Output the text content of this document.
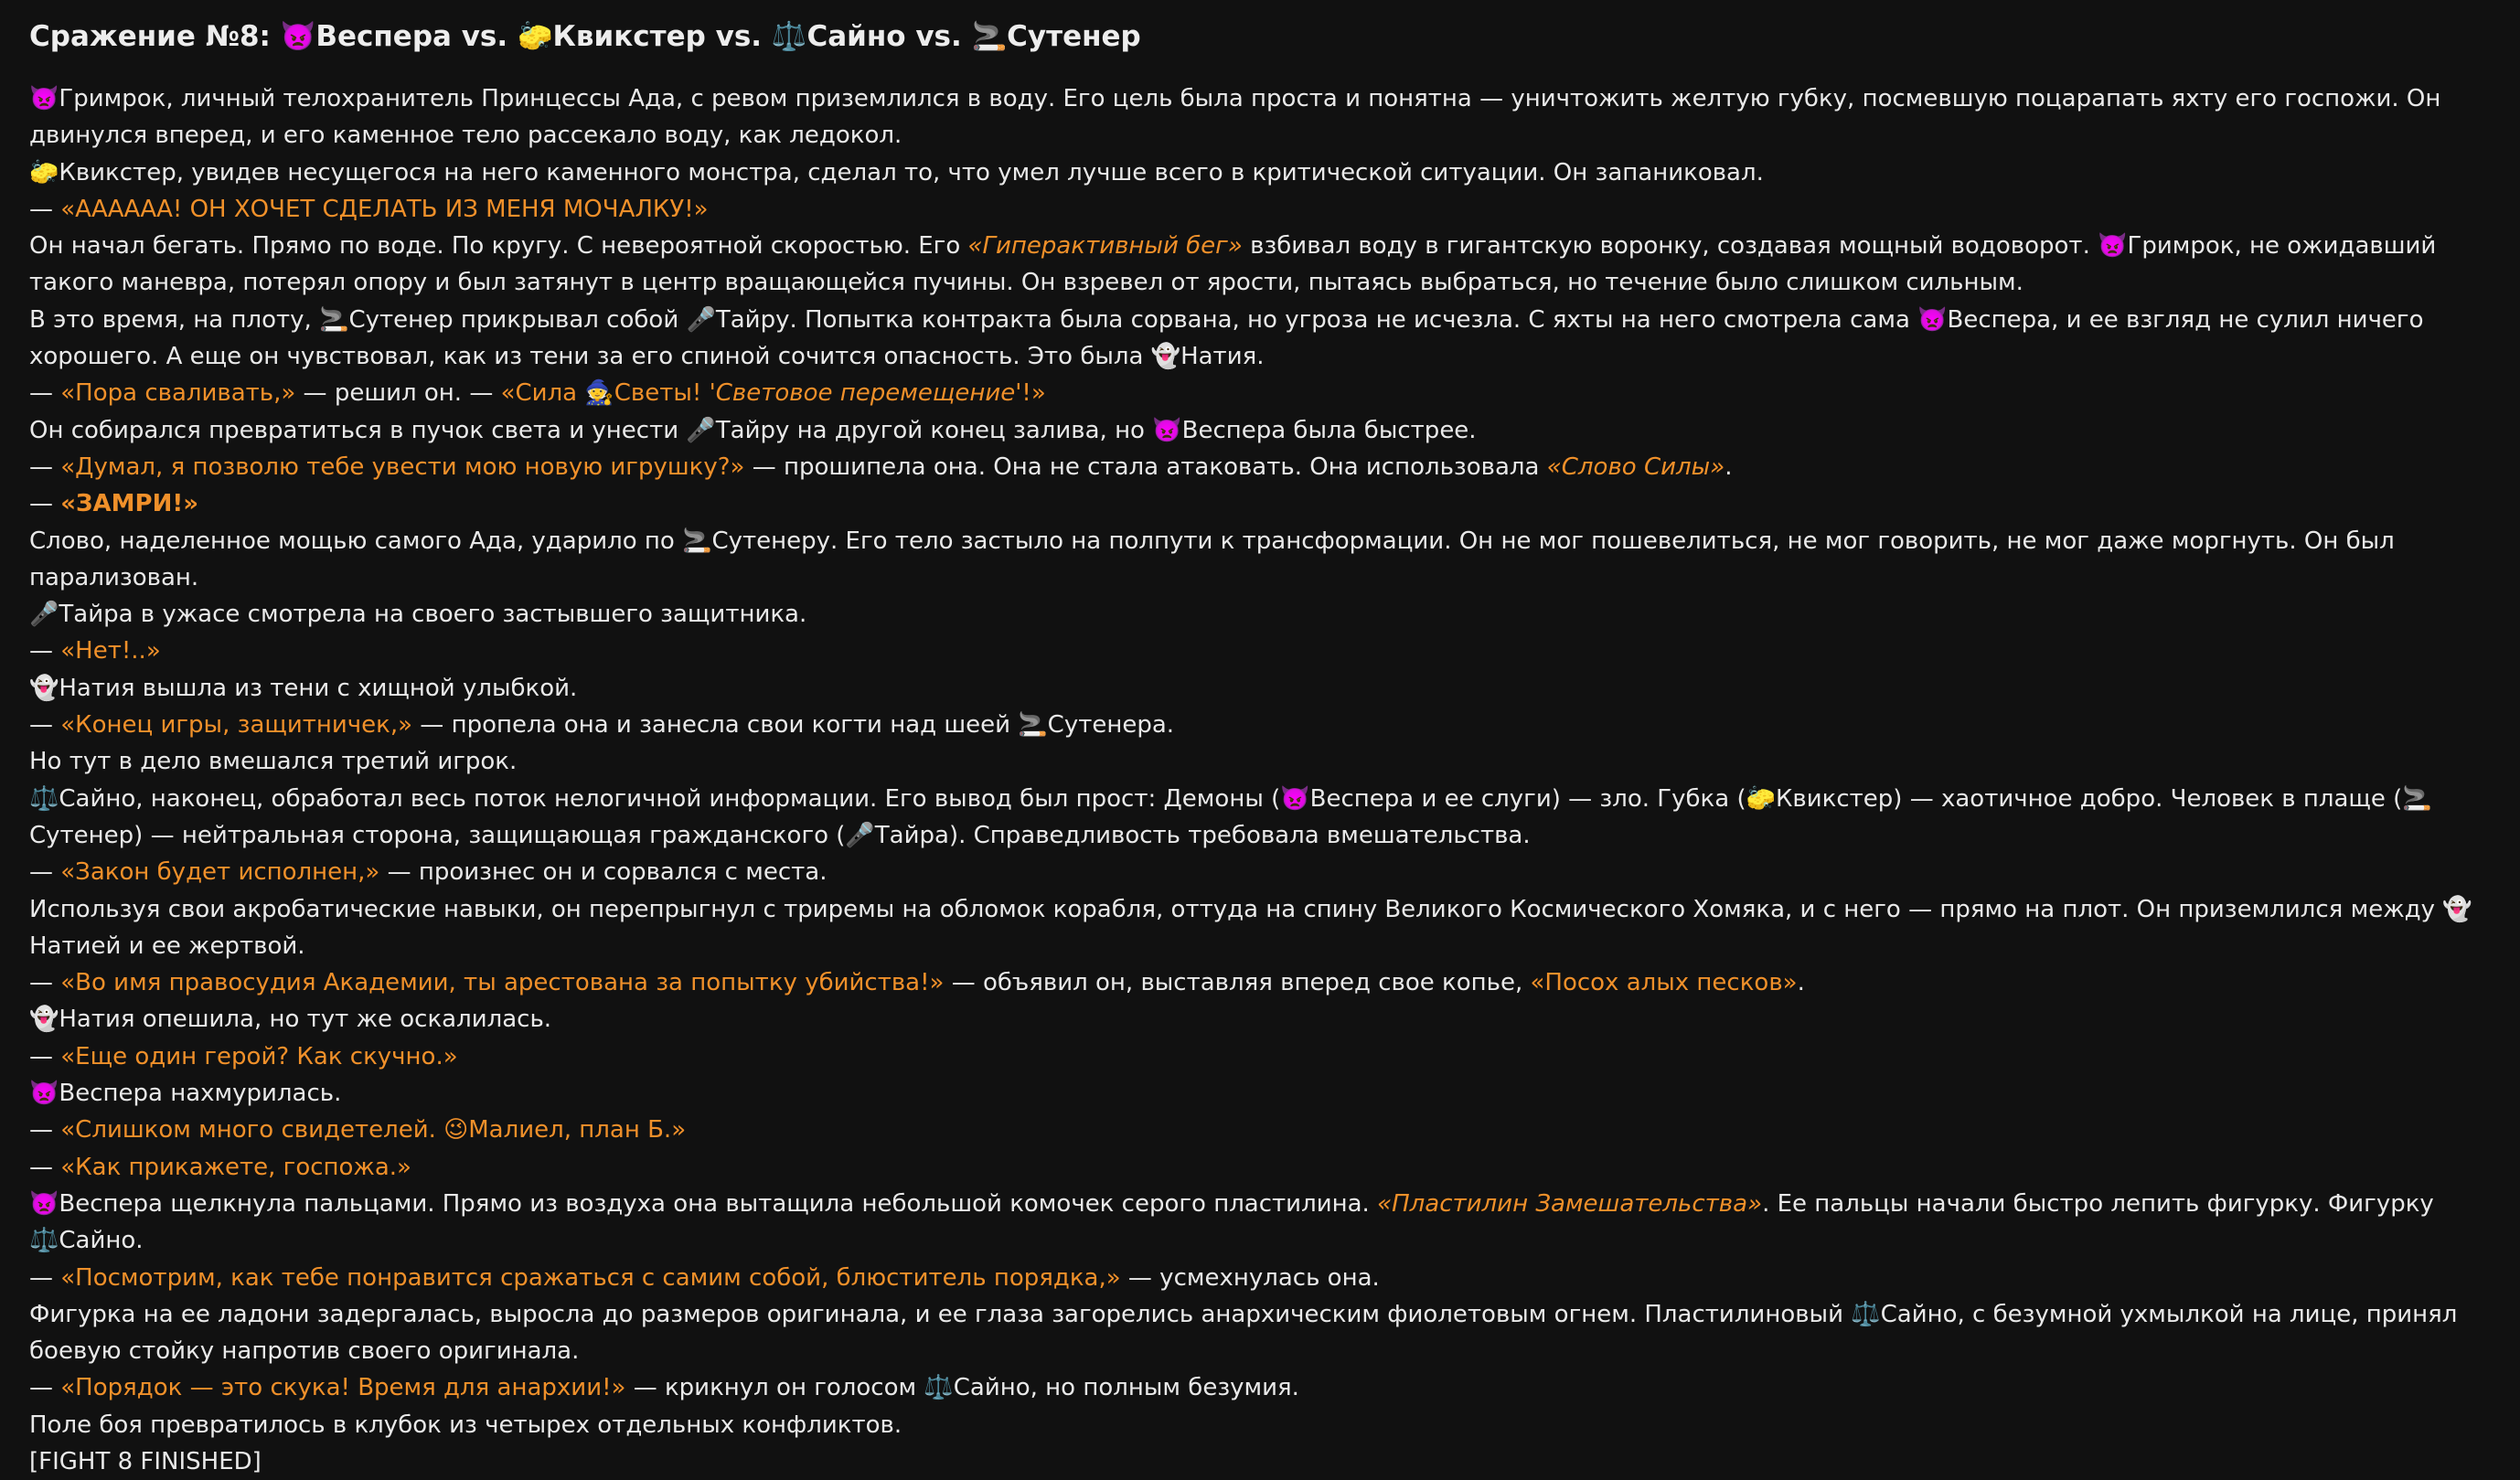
Сражение №8: 👿Веспера vs. 🧽Квикстер vs. ⚖️Сайно vs. 🚬Сутенер

👿Гримрок, личный телохранитель Принцессы Ада, с ревом приземлился в воду. Его цель была проста и понятна — уничтожить желтую губку, посмевшую поцарапать яхту его госпожи. Он двинулся вперед, и его каменное тело рассекало воду, как ледокол.

🧽Квикстер, увидев несущегося на него каменного монстра, сделал то, что умел лучше всего в критической ситуации. Он запаниковал.

— «АААААА! ОН ХОЧЕТ СДЕЛАТЬ ИЗ МЕНЯ МОЧАЛКУ!»

Он начал бегать. Прямо по воде. По кругу. С невероятной скоростью. Его «Гиперактивный бег» взбивал воду в гигантскую воронку, создавая мощный водоворот. 👿Гримрок, не ожидавший такого маневра, потерял опору и был затянут в центр вращающейся пучины. Он взревел от ярости, пытаясь выбраться, но течение было слишком сильным.

В это время, на плоту, 🚬Сутенер прикрывал собой 🎤Тайру. Попытка контракта была сорвана, но угроза не исчезла. С яхты на него смотрела сама 👿Веспера, и ее взгляд не сулил ничего хорошего. А еще он чувствовал, как из тени за его спиной сочится опасность. Это была 👻Натия.

— «Пора сваливать,» — решил он. — «Сила 🧙Светы! 'Световое перемещение'!»

Он собирался превратиться в пучок света и унести 🎤Тайру на другой конец залива, но 👿Веспера была быстрее.

— «Думал, я позволю тебе увести мою новую игрушку?» — прошипела она. Она не стала атаковать. Она использовала «Слово Силы».

— «ЗАМРИ!»

Слово, наделенное мощью самого Ада, ударило по 🚬Сутенеру. Его тело застыло на полпути к трансформации. Он не мог пошевелиться, не мог говорить, не мог даже моргнуть. Он был парализован.

🎤Тайра в ужасе смотрела на своего застывшего защитника.

— «Нет!..»

👻Натия вышла из тени с хищной улыбкой.

— «Конец игры, защитничек,» — пропела она и занесла свои когти над шеей 🚬Сутенера.

Но тут в дело вмешался третий игрок.

⚖️Сайно, наконец, обработал весь поток нелогичной информации. Его вывод был прост: Демоны (👿Веспера и ее слуги) — зло. Губка (🧽Квикстер) — хаотичное добро. Человек в плаще (🚬Сутенер) — нейтральная сторона, защищающая гражданского (🎤Тайра). Справедливость требовала вмешательства.

— «Закон будет исполнен,» — произнес он и сорвался с места.

Используя свои акробатические навыки, он перепрыгнул с триремы на обломок корабля, оттуда на спину Великого Космического Хомяка, и с него — прямо на плот. Он приземлился между 👻Натией и ее жертвой.

— «Во имя правосудия Академии, ты арестована за попытку убийства!» — объявил он, выставляя вперед свое копье, «Посох алых песков».

👻Натия опешила, но тут же оскалилась.

— «Еще один герой? Как скучно.»

👿Веспера нахмурилась.

— «Слишком много свидетелей. 😉Малиел, план Б.»

— «Как прикажете, госпожа.»

👿Веспера щелкнула пальцами. Прямо из воздуха она вытащила небольшой комочек серого пластилина. «Пластилин Замешательства». Ее пальцы начали быстро лепить фигурку. Фигурку ⚖️Сайно.

— «Посмотрим, как тебе понравится сражаться с самим собой, блюститель порядка,» — усмехнулась она.

Фигурка на ее ладони задергалась, выросла до размеров оригинала, и ее глаза загорелись анархическим фиолетовым огнем. Пластилиновый ⚖️Сайно, с безумной ухмылкой на лице, принял боевую стойку напротив своего оригинала.

— «Порядок — это скука! Время для анархии!» — крикнул он голосом ⚖️Сайно, но полным безумия.

Поле боя превратилось в клубок из четырех отдельных конфликтов.

[FIGHT 8 FINISHED]
